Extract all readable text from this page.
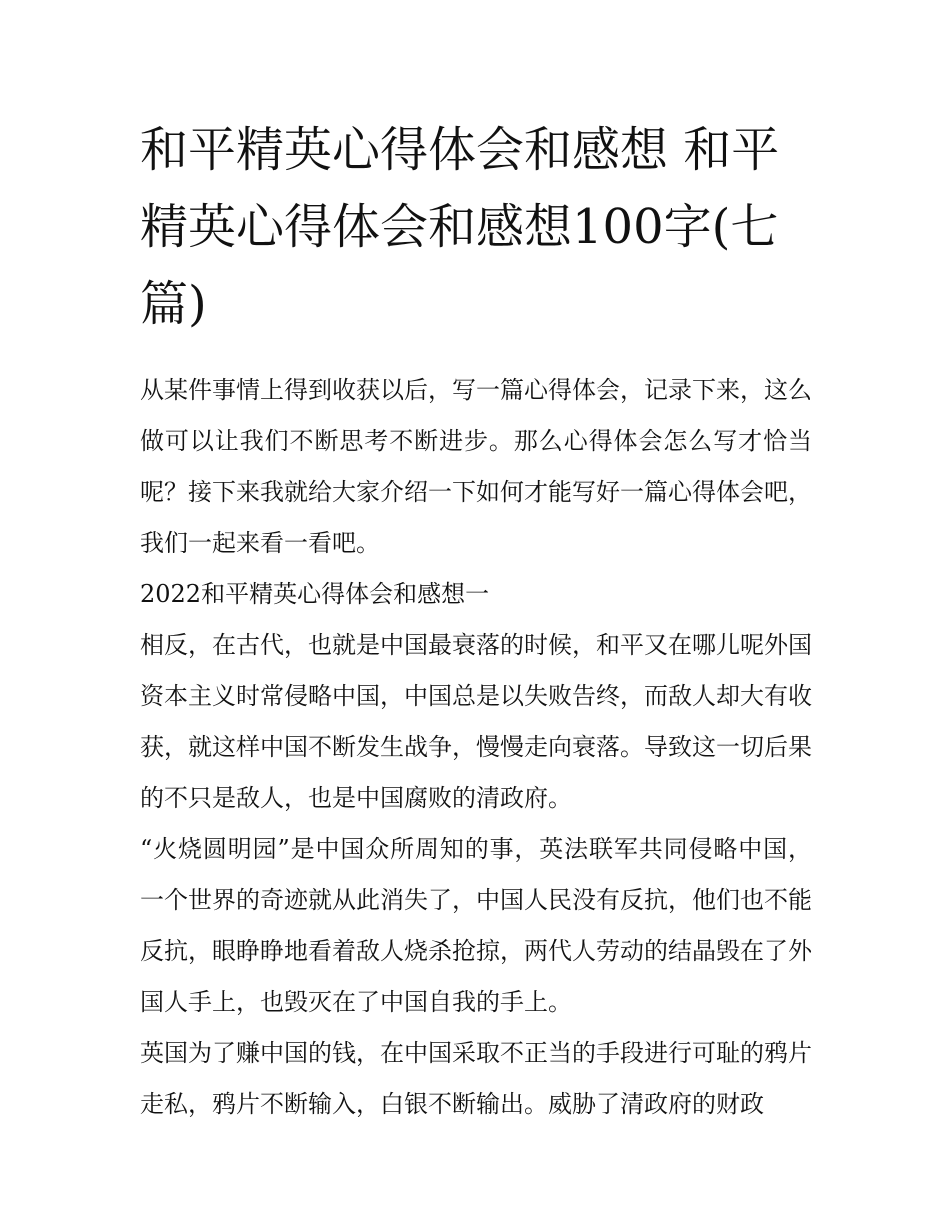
和平精英心得体会和感想 和平精英心得体会和感想100字(七篇)

从某件事情上得到收获以后，写一篇心得体会，记录下来，这么做可以让我们不断思考不断进步。那么心得体会怎么写才恰当呢？接下来我就给大家介绍一下如何才能写好一篇心得体会吧，我们一起来看一看吧。

2022和平精英心得体会和感想一

相反，在古代，也就是中国最衰落的时候，和平又在哪儿呢外国资本主义时常侵略中国，中国总是以失败告终，而敌人却大有收获，就这样中国不断发生战争，慢慢走向衰落。导致这一切后果的不只是敌人，也是中国腐败的清政府。

“火烧圆明园”是中国众所周知的事，英法联军共同侵略中国，一个世界的奇迹就从此消失了，中国人民没有反抗，他们也不能反抗，眼睁睁地看着敌人烧杀抢掠，两代人劳动的结晶毁在了外国人手上，也毁灭在了中国自我的手上。

英国为了赚中国的钱，在中国采取不正当的手段进行可耻的鸦片走私，鸦片不断输入，白银不断输出。威胁了清政府的财政
